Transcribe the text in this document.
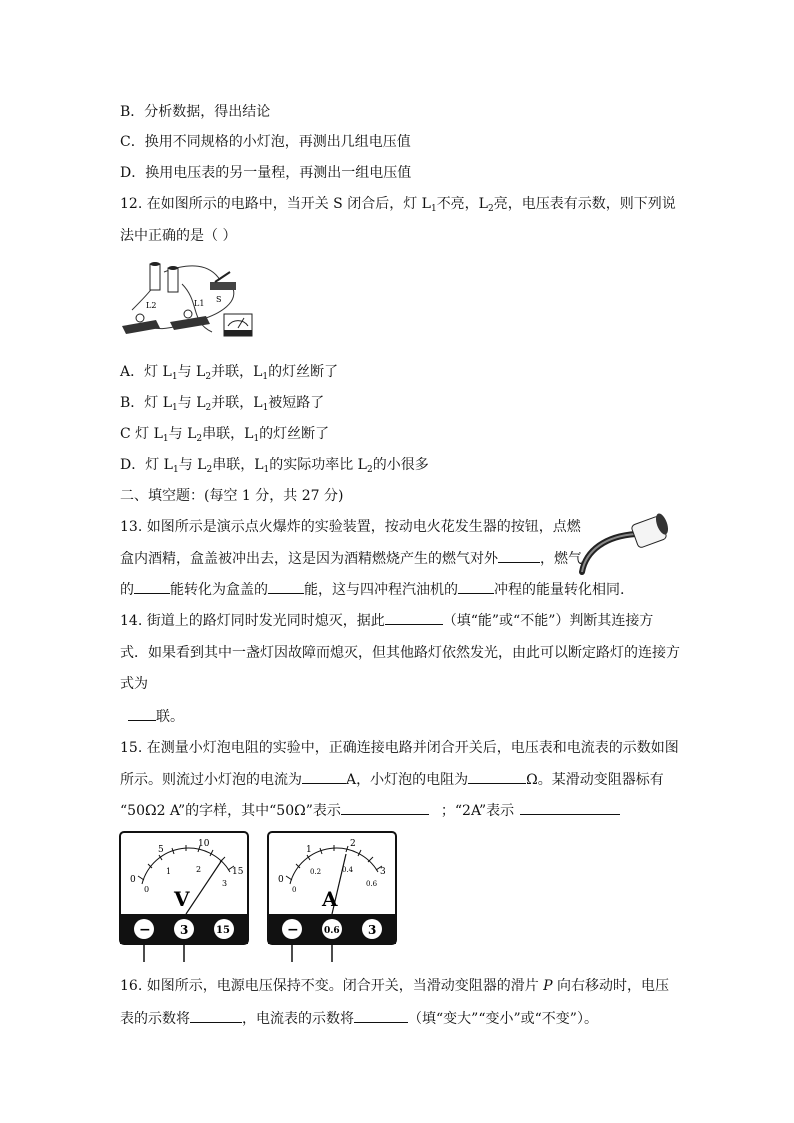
B．分析数据，得出结论
C．换用不同规格的小灯泡，再测出几组电压值
D．换用电压表的另一量程，再测出一组电压值
12. 在如图所示的电路中，当开关 S 闭合后，灯 $L_1$不亮，$L_2$亮，电压表有示数，则下列说
法中正确的是（ ）
S
L2	L1
A．灯 $L_1$与 $L_2$并联，$L_1$的灯丝断了
B．灯 $L_1$与 $L_2$并联，$L_1$被短路了
C 灯 $L_1$与 $L_2$串联，$L_1$的灯丝断了
D．灯 $L_1$与 $L_2$串联，$L_1$的实际功率比 $L_2$的小很多
二、填空题：(每空 1 分，共 27 分)
13. 如图所示是演示点火爆炸的实验装置，按动电火花发生器的按钮，点燃
盒内酒精，盒盖被冲出去，这是因为酒精燃烧产生的燃气对外	，燃气
的	能转化为盒盖的	能，这与四冲程汽油机的	冲程的能量转化相同.
14. 街道上的路灯同时发光同时熄灭，据此	（填“能”或“不能”）判断其连接方
式．如果看到其中一盏灯因故障而熄灭，但其他路灯依然发光，由此可以断定路灯的连接方
式为
联。
15. 在测量小灯泡电阻的实验中，正确连接电路并闭合开关后，电压表和电流表的示数如图
所示。则流过小灯泡的电流为	A，小灯泡的电阻为	Ω。某滑动变阻器标有
“50Ω2 A”的字样，其中“50Ω”表示	；“2A”表示
0
5
10
15
0
1	2
3
V
− 3	15
0
1
2
3
0
0.2	0.4
0.6
A
−	0.6 3
16. 如图所示，电源电压保持不变。闭合开关，当滑动变阻器的滑片 P 向右移动时，电压
表的示数将	，电流表的示数将	（填“变大”“变小”或“不变”）。
